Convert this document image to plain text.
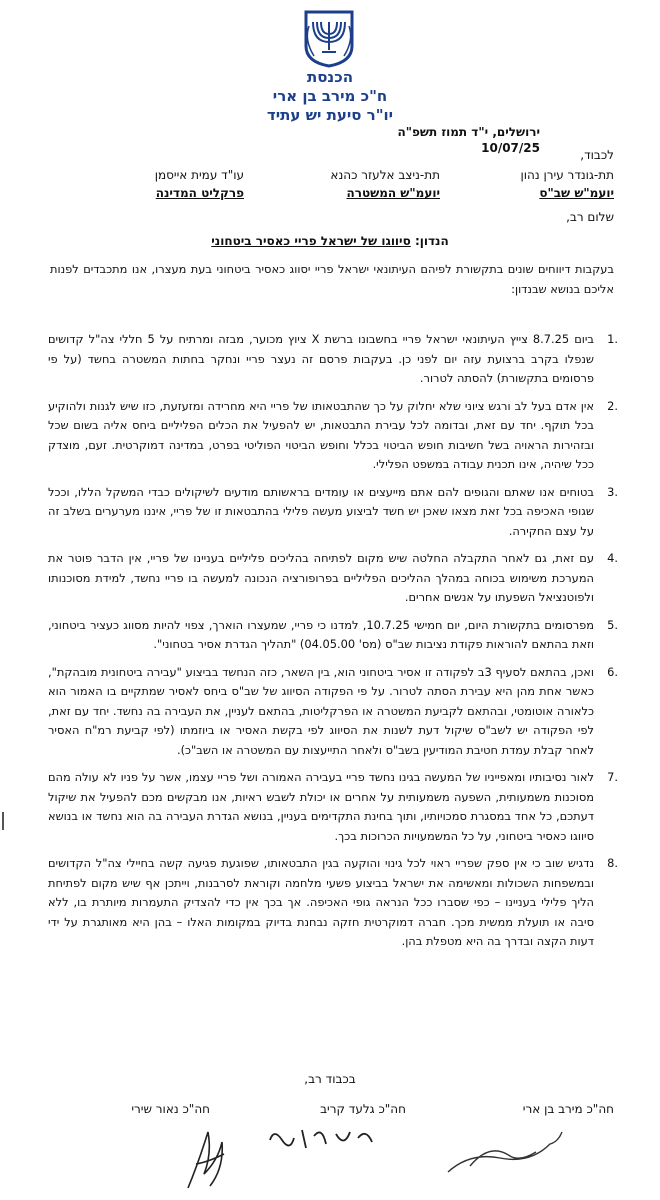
הכנסת
ח"כ מירב בן ארי
יו"ר סיעת יש עתיד
ירושלים, י"ד תמוז תשפ"ה
10/07/25	לכבוד,
תת-גונדר עירן נהון
יועמ"ש שב"ס
תת-ניצב אלעזר כהנא
יועמ"ש המשטרה
עו"ד עמית אייסמן
פרקליט המדינה
שלום רב,
הנדון: סיווגו של ישראל פריי כאסיר ביטחוני
בעקבות דיווחים שונים בתקשורת לפיהם העיתונאי ישראל פריי יסווג כאסיר ביטחוני בעת מעצרו, אנו מתכבדים לפנות אליכם בנושא שבנדון:
.1
ביום 8.7.25 צייץ העיתונאי ישראל פריי בחשבונו ברשת X ציוץ מכוער, מבזה ומרתיח על 5 חללי צה"ל קדושים שנפלו בקרב ברצועת עזה יום לפני כן. בעקבות פרסם זה נעצר פריי ונחקר בחתות המשטרה בחשד (על פי פרסומים בתקשורת) להסתה לטרור.
.2
אין אדם בעל לב ורגש ציוני שלא יחלוק על כך שהתבטאותו של פריי היא מחרידה ומזעזעת, כזו שיש לגנות ולהוקיע בכל תוקף. יחד עם זאת, ובדומה לכל עבירת התבטאות, יש להפעיל את הכלים הפליליים ביחס אליה בשום שכל ובזהירות הראויה בשל חשיבות חופש הביטוי בכלל וחופש הביטוי הפוליטי בפרט, במדינה דמוקרטית. זעם, מוצדק ככל שיהיה, אינו תכנית עבודה במשפט הפלילי.
.3
בטוחים אנו שאתם והגופים להם אתם מייעצים או עומדים בראשותם מודעים לשיקולים כבדי המשקל הללו, וככל שגופי האכיפה בכל זאת מצאו שאכן יש חשד לביצוע מעשה פלילי בהתבטאות זו של פריי, איננו מערערים בשלב זה על עצם החקירה.
.4
עם זאת, גם לאחר התקבלה החלטה שיש מקום לפתיחה בהליכים פליליים בעניינו של פריי, אין הדבר פוטר את המערכת משימוש בכוחה במהלך ההליכים הפליליים בפרופורציה הנכונה למעשה בו פריי נחשד, למידת מסוכנותו ולפוטנציאל השפעתו על אנשים אחרים.
.5
מפרסומים בתקשורת היום, יום חמישי 10.7.25, למדנו כי פריי, שמעצרו הוארך, צפוי להיות מסווג כעציר ביטחוני, וזאת בהתאם להוראות פקודת נציבות שב"ס (מס' 04.05.00) "תהליך הגדרת אסיר בטחוני".
.6
ואכן, בהתאם לסעיף 3ב לפקודה זו אסיר ביטחוני הוא, בין השאר, כזה הנחשד בביצוע "עבירה ביטחונית מובהקת", כאשר אחת מהן היא עבירת הסתה לטרור. על פי הפקודה הסיווג של שב"ס ביחס לאסיר שמתקיים בו האמור הוא כלאורה אוטומטי, ובהתאם לקביעת המשטרה או הפרקליטות, בהתאם לעניין, את העבירה בה נחשד. יחד עם זאת, לפי הפקודה יש לשב"ס שיקול דעת לשנות את הסיווג לפי בקשת האסיר או ביוזמתו (לפי קביעת רמ"ח האסיר לאחר קבלת עמדת חטיבת המודיעין בשב"ס ולאחר התייעצות עם המשטרה או השב"כ).
.7
לאור נסיבותיו ומאפייניו של המעשה בגינו נחשד פריי בעבירה האמורה ושל פריי עצמו, אשר על פניו לא עולה מהם מסוכנות משמעותית, השפעה משמעותית על אחרים או יכולת לשבש ראיות, אנו מבקשים מכם להפעיל את שיקול דעתכם, כל אחד במסגרת סמכויותיו, ותוך בחינת התקדימים בעניין, בנושא הגדרת העבירה בה הוא נחשד או בנושא סיווגו כאסיר ביטחוני, על כל המשמעויות הכרוכות בכך.
.8
נדגיש שוב כי אין ספק שפריי ראוי לכל גינוי והוקעה בגין התבטאותו, שפוגעת פגיעה קשה בחיילי צה"ל הקדושים ובמשפחות השכולות ומאשימה את ישראל בביצוע פשעי מלחמה וקוראת לסרבנות, וייתכן אף שיש מקום לפתיחת הליך פלילי בעניינו – כפי שסברו ככל הנראה גופי האכיפה. אך בכך אין כדי להצדיק התעמרות מיותרת בו, ללא סיבה או תועלת ממשית מכך. חברה דמוקרטית חזקה נבחנת בדיוק במקומות האלו – בהן היא מאותגרת על ידי דעות הקצה ובדרך בה היא מטפלת בהן.
בכבוד רב,
חה"כ מירב בן ארי
חה"כ גלעד קריב
חה"כ נאור שירי
